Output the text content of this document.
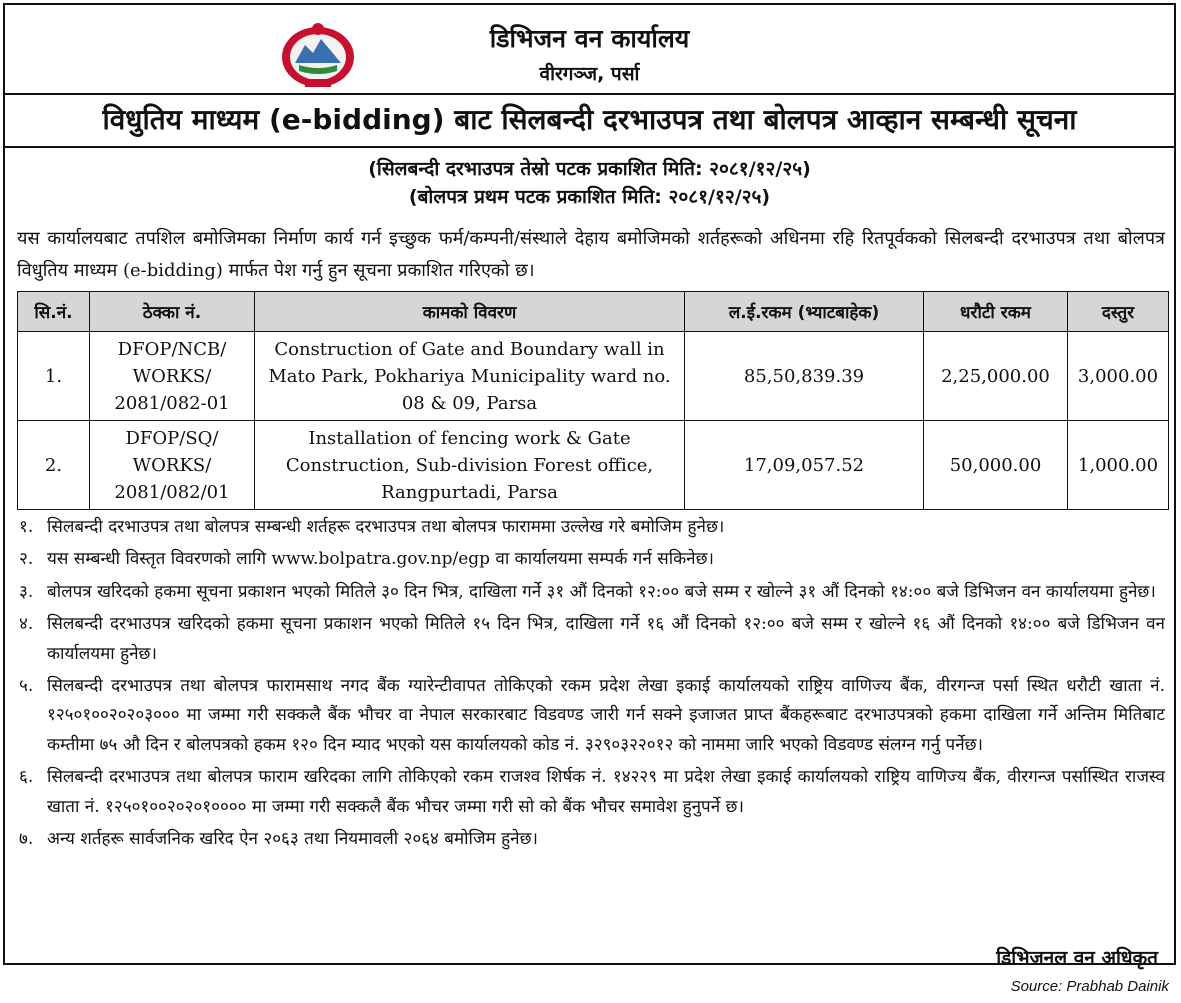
डिभिजन वन कार्यालय
वीरगञ्ज, पर्सा
विधुतिय माध्यम (e-bidding) बाट सिलबन्दी दरभाउपत्र तथा बोलपत्र आव्हान सम्बन्धी सूचना
(सिलबन्दी दरभाउपत्र तेस्रो पटक प्रकाशित मिति: २०८१/१२/२५)
(बोलपत्र प्रथम पटक प्रकाशित मिति: २०८१/१२/२५)
यस कार्यालयबाट तपशिल बमोजिमका निर्माण कार्य गर्न इच्छुक फर्म/कम्पनी/संस्थाले देहाय बमोजिमको शर्तहरूको अधिनमा रहि रितपूर्वकको सिलबन्दी दरभाउपत्र तथा बोलपत्र विधुतिय माध्यम (e-bidding) मार्फत पेश गर्नु हुन सूचना प्रकाशित गरिएको छ।
सि.नं.	ठेक्का नं.	कामको विवरण	ल.ई.रकम (भ्याटबाहेक)	धरौटी रकम	दस्तुर
1.	DFOP/NCB/ WORKS/ 2081/082-01	Construction of Gate and Boundary wall in Mato Park, Pokhariya Municipality ward no. 08 & 09, Parsa	85,50,839.39	2,25,000.00	3,000.00
2.	DFOP/SQ/ WORKS/ 2081/082/01	Installation of fencing work & Gate Construction, Sub-division Forest office, Rangpurtadi, Parsa	17,09,057.52	50,000.00	1,000.00
१. सिलबन्दी दरभाउपत्र तथा बोलपत्र सम्बन्धी शर्तहरू दरभाउपत्र तथा बोलपत्र फाराममा उल्लेख गरे बमोजिम हुनेछ।
२. यस सम्बन्धी विस्तृत विवरणको लागि www.bolpatra.gov.np/egp वा कार्यालयमा सम्पर्क गर्न सकिनेछ।
३. बोलपत्र खरिदको हकमा सूचना प्रकाशन भएको मितिले ३० दिन भित्र, दाखिला गर्ने ३१ औं दिनको १२:०० बजे सम्म र खोल्ने ३१ औं दिनको १४:०० बजे डिभिजन वन कार्यालयमा हुनेछ।
४. सिलबन्दी दरभाउपत्र खरिदको हकमा सूचना प्रकाशन भएको मितिले १५ दिन भित्र, दाखिला गर्ने १६ औं दिनको १२:०० बजे सम्म र खोल्ने १६ औं दिनको १४:०० बजे डिभिजन वन कार्यालयमा हुनेछ।
५. सिलबन्दी दरभाउपत्र तथा बोलपत्र फारामसाथ नगद बैंक ग्यारेन्टीवापत तोकिएको रकम प्रदेश लेखा इकाई कार्यालयको राष्ट्रिय वाणिज्य बैंक, वीरगन्ज पर्सा स्थित धरौटी खाता नं. १२५०१००२०२०३००० मा जम्मा गरी सक्कलै बैंक भौचर वा नेपाल सरकारबाट विडवण्ड जारी गर्न सक्ने इजाजत प्राप्त बैंकहरूबाट दरभाउपत्रको हकमा दाखिला गर्ने अन्तिम मितिबाट कम्तीमा ७५ औ दिन र बोलपत्रको हकम १२० दिन म्याद भएको यस कार्यालयको कोड नं. ३२९०३२२०१२ को नाममा जारि भएको विडवण्ड संलग्न गर्नु पर्नेछ।
६. सिलबन्दी दरभाउपत्र तथा बोलपत्र फाराम खरिदका लागि तोकिएको रकम राजश्व शिर्षक नं. १४२२९ मा प्रदेश लेखा इकाई कार्यालयको राष्ट्रिय वाणिज्य बैंक, वीरगन्ज पर्सास्थित राजस्व खाता नं. १२५०१००२०२०१०००० मा जम्मा गरी सक्कलै बैंक भौचर जम्मा गरी सो को बैंक भौचर समावेश हुनुपर्ने छ।
७. अन्य शर्तहरू सार्वजनिक खरिद ऐन २०६३ तथा नियमावली २०६४ बमोजिम हुनेछ।
डिभिजनल वन अधिकृत
Source: Prabhab Dainik
